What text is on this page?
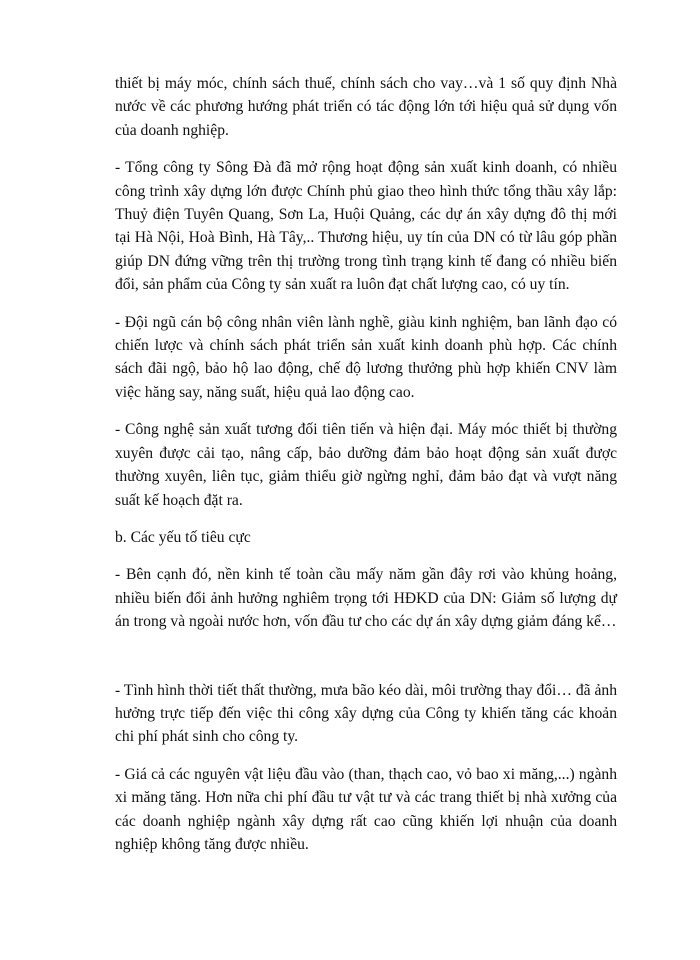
thiết bị máy móc, chính sách thuế, chính sách cho vay…và 1 số quy định Nhà nước về các phương hướng phát triển có tác động lớn tới hiệu quả sử dụng vốn của doanh nghiệp.

- Tổng công ty Sông Đà đã mở rộng hoạt động sản xuất kinh doanh, có nhiều công trình xây dựng lớn được Chính phủ giao theo hình thức tổng thầu xây lắp: Thuỷ điện Tuyên Quang, Sơn La, Huội Quảng, các dự án xây dựng đô thị mới tại Hà Nội, Hoà Bình, Hà Tây,.. Thương hiệu, uy tín của DN có từ lâu góp phần giúp DN đứng vững trên thị trường trong tình trạng kinh tế đang có nhiều biến đổi, sản phẩm của Công ty sản xuất ra luôn đạt chất lượng cao, có uy tín.

- Đội ngũ cán bộ công nhân viên lành nghề, giàu kinh nghiệm, ban lãnh đạo có chiến lược và chính sách phát triển sản xuất kinh doanh phù hợp. Các chính sách đãi ngộ, bảo hộ lao động, chế độ lương thưởng phù hợp khiến CNV làm việc hăng say, năng suất, hiệu quả lao động cao.

- Công nghệ sản xuất tương đối tiên tiến và hiện đại. Máy móc thiết bị thường xuyên được cải tạo, nâng cấp, bảo dưỡng đảm bảo hoạt động sản xuất được thường xuyên, liên tục, giảm thiểu giờ ngừng nghỉ, đảm bảo đạt và vượt năng suất kế hoạch đặt ra.

b. Các yếu tố tiêu cực

- Bên cạnh đó, nền kinh tế toàn cầu mấy năm gần đây rơi vào khủng hoảng, nhiều biến đổi ảnh hưởng nghiêm trọng tới HĐKD của DN: Giảm số lượng dự án trong và ngoài nước hơn, vốn đầu tư cho các dự án xây dựng giảm đáng kể…

- Tình hình thời tiết thất thường, mưa bão kéo dài, môi trường thay đổi… đã ảnh hưởng trực tiếp đến việc thi công xây dựng của Công ty khiến tăng các khoản chi phí phát sinh cho công ty.

- Giá cả các nguyên vật liệu đầu vào (than, thạch cao, vỏ bao xi măng,...) ngành xi măng tăng. Hơn nữa chi phí đầu tư vật tư và các trang thiết bị nhà xưởng của các doanh nghiệp ngành xây dựng rất cao cũng khiến lợi nhuận của doanh nghiệp không tăng được nhiều.
